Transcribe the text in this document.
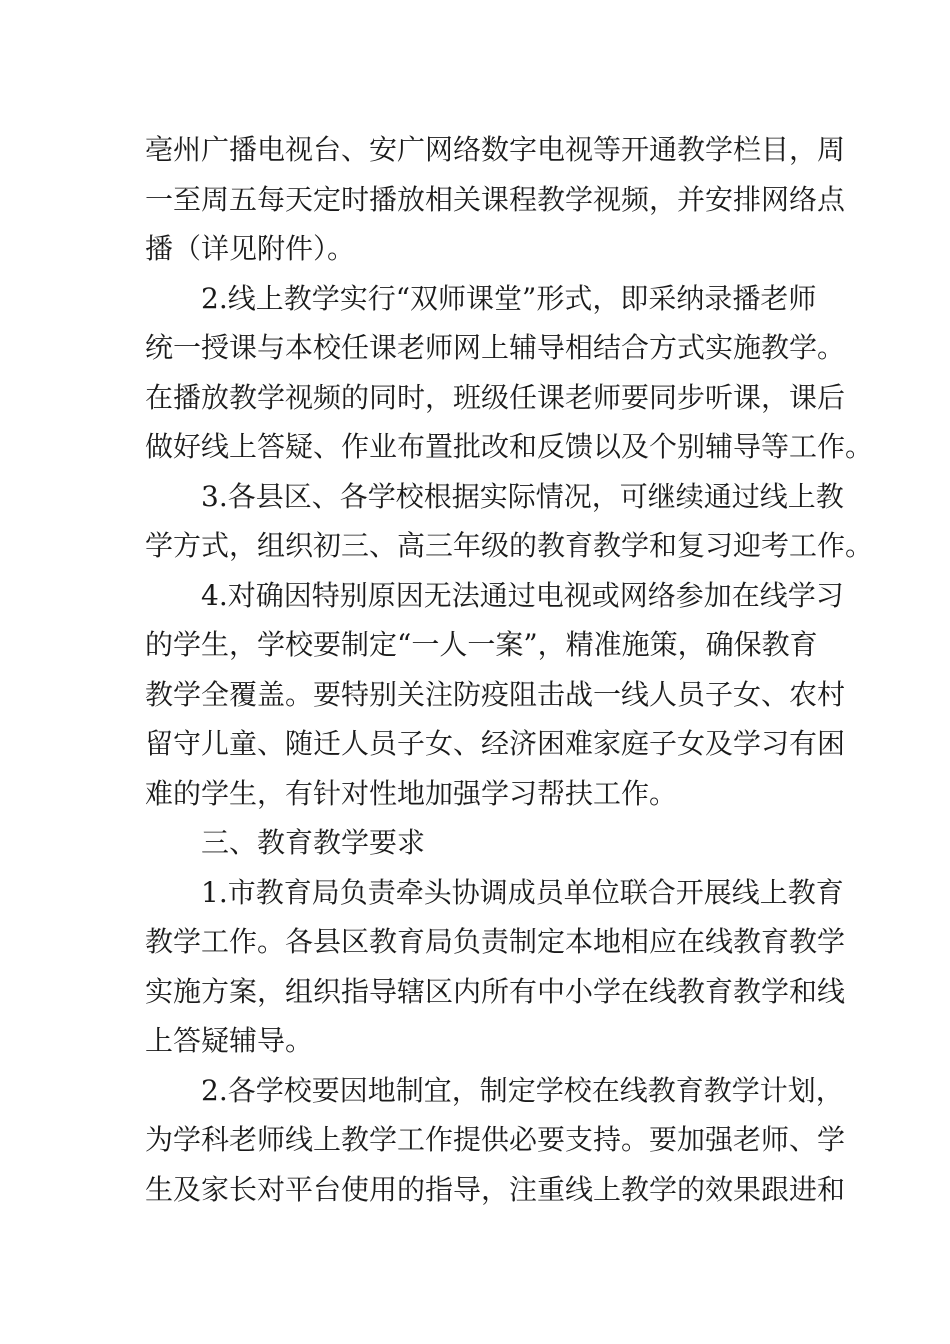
亳州广播电视台、安广网络数字电视等开通教学栏目，周
一至周五每天定时播放相关课程教学视频，并安排网络点
播（详见附件）。
2.线上教学实行“双师课堂”形式，即采纳录播老师
统一授课与本校任课老师网上辅导相结合方式实施教学。
在播放教学视频的同时，班级任课老师要同步听课，课后
做好线上答疑、作业布置批改和反馈以及个别辅导等工作。
3.各县区、各学校根据实际情况，可继续通过线上教
学方式，组织初三、高三年级的教育教学和复习迎考工作。
4.对确因特别原因无法通过电视或网络参加在线学习
的学生，学校要制定“一人一案”，精准施策，确保教育
教学全覆盖。要特别关注防疫阻击战一线人员子女、农村
留守儿童、随迁人员子女、经济困难家庭子女及学习有困
难的学生，有针对性地加强学习帮扶工作。
三、教育教学要求
1.市教育局负责牵头协调成员单位联合开展线上教育
教学工作。各县区教育局负责制定本地相应在线教育教学
实施方案，组织指导辖区内所有中小学在线教育教学和线
上答疑辅导。
2.各学校要因地制宜，制定学校在线教育教学计划，
为学科老师线上教学工作提供必要支持。要加强老师、学
生及家长对平台使用的指导，注重线上教学的效果跟进和
